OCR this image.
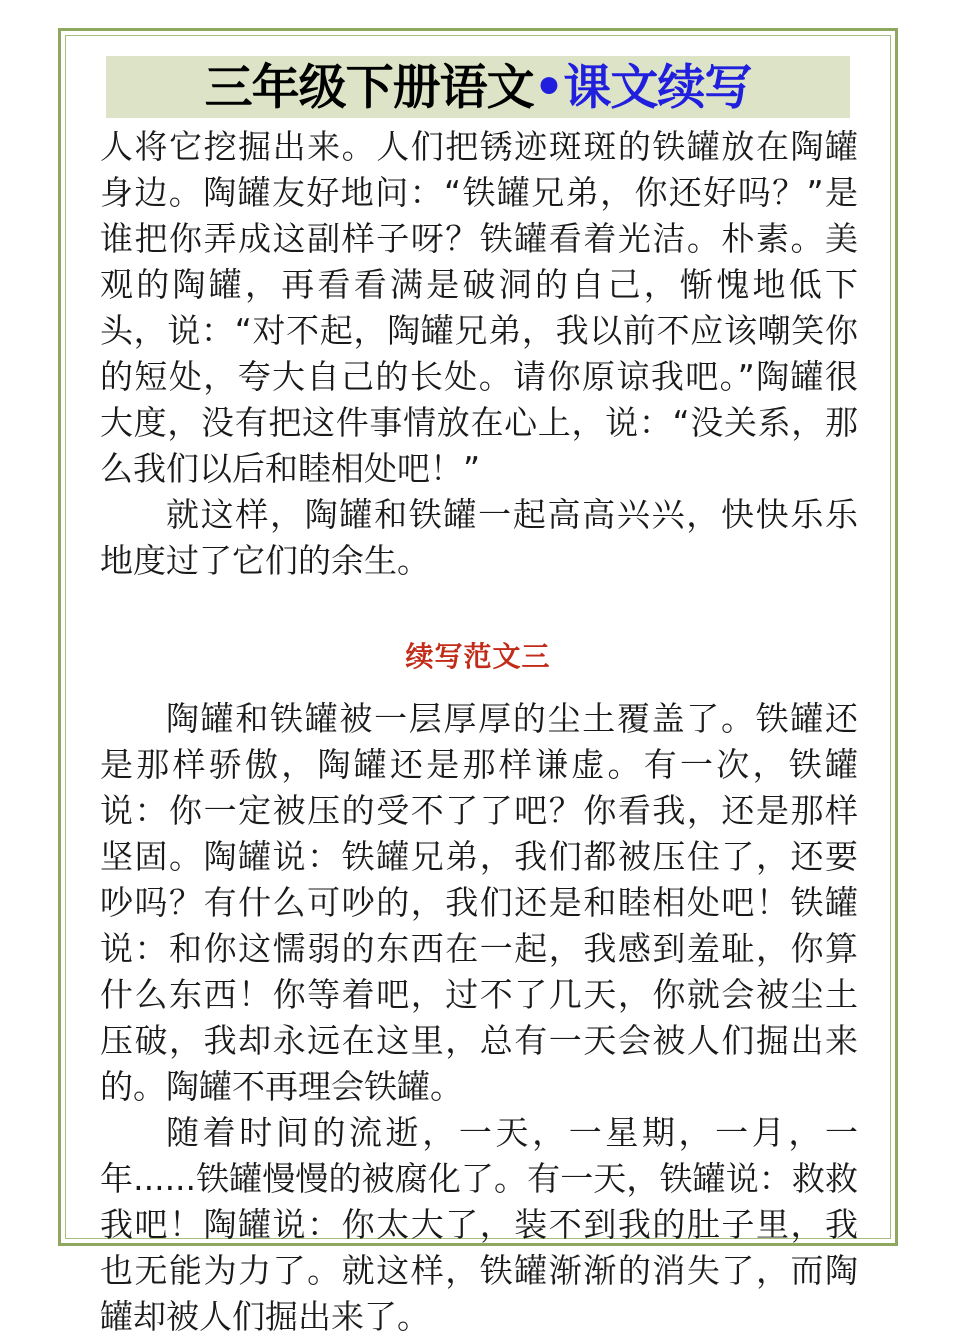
三年级下册语文•课文续写

人将它挖掘出来。人们把锈迹斑斑的铁罐放在陶罐身边。陶罐友好地问：“铁罐兄弟，你还好吗？”是谁把你弄成这副样子呀？铁罐看着光洁。朴素。美观的陶罐，再看看满是破洞的自己，惭愧地低下头，说：“对不起，陶罐兄弟，我以前不应该嘲笑你的短处，夸大自己的长处。请你原谅我吧。”陶罐很大度，没有把这件事情放在心上，说：“没关系，那么我们以后和睦相处吧！”

就这样，陶罐和铁罐一起高高兴兴，快快乐乐地度过了它们的余生。

续写范文三

陶罐和铁罐被一层厚厚的尘土覆盖了。铁罐还是那样骄傲，陶罐还是那样谦虚。有一次，铁罐说：你一定被压的受不了了吧？你看我，还是那样坚固。陶罐说：铁罐兄弟，我们都被压住了，还要吵吗？有什么可吵的，我们还是和睦相处吧！铁罐说：和你这懦弱的东西在一起，我感到羞耻，你算什么东西！你等着吧，过不了几天，你就会被尘土压破，我却永远在这里，总有一天会被人们掘出来的。陶罐不再理会铁罐。

随着时间的流逝，一天，一星期，一月，一年......铁罐慢慢的被腐化了。有一天，铁罐说：救救我吧！陶罐说：你太大了，装不到我的肚子里，我也无能为力了。就这样，铁罐渐渐的消失了，而陶罐却被人们掘出来了。
